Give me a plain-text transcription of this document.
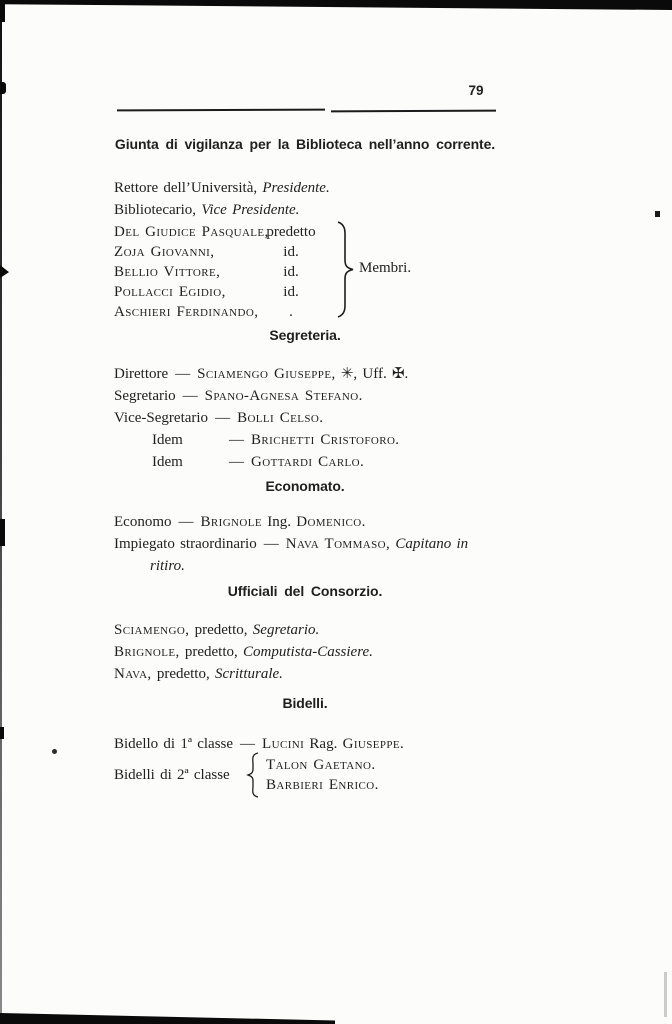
79
Giunta di vigilanza per la Biblioteca nell’anno corrente.
Rettore dell’Università, Presidente.
Bibliotecario, Vice Presidente.
Del Giudice Pasquale,predetto
Zoja Giovanni,	id.
Bellio Vittore,	id.
Pollacci Egidio,	id.
Aschieri Ferdinando, .
Membri.
Segreteria.
Direttore — Sciamengo Giuseppe, ✳, Uff. ✠.
Segretario — Spano-Agnesa Stefano.
Vice-Segretario — Bolli Celso.
Idem	— Brichetti Cristoforo.
Idem	— Gottardi Carlo.
Economato.
Economo — Brignole Ing. Domenico.
Impiegato straordinario — Nava Tommaso, Capitano in
ritiro.
Ufficiali del Consorzio.
Sciamengo, predetto, Segretario.
Brignole, predetto, Computista-Cassiere.
Nava, predetto, Scritturale.
Bidelli.
Bidello di 1ª classe — Lucini Rag. Giuseppe.
Bidelli di 2ª classe
Talon Gaetano.
Barbieri Enrico.
